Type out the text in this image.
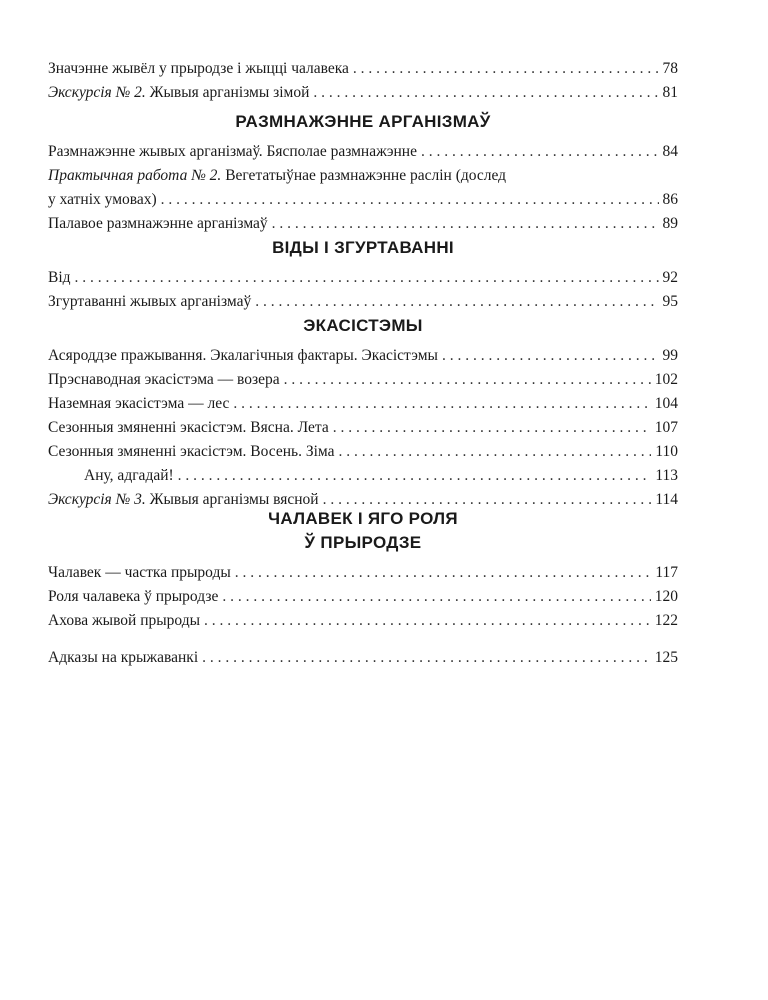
Значэнне жывёл у прыродзе і жыцці чалавека . . .	78
Экскурсія № 2. Жывыя арганізмы зімой . . .	81
РАЗМНАЖЭННЕ АРГАНІЗМАЎ
Размнажэнне жывых арганізмаў. Бясполае размнажэнне . . .	84
Практычная работа № 2. Вегетатыўнае размнажэнне раслін (дослед
у хатніх умовах) . . .	86
Палавое размнажэнне арганізмаў . . .	89
ВІДЫ І ЗГУРТАВАННІ
Від . . .	92
Згуртаванні жывых арганізмаў . . .	95
ЭКАСІСТЭМЫ
Асяроддзе пражывання. Экалагічныя фактары. Экасістэмы . . .	99
Прэснаводная экасістэма — возера . . .	102
Наземная экасістэма — лес . . .	104
Сезонныя змяненні экасістэм. Вясна. Лета . . .	107
Сезонныя змяненні экасістэм. Восень. Зіма . . .	110
Ану, адгадай! . . .	113
Экскурсія № 3. Жывыя арганізмы вясной . . .	114
ЧАЛАВЕК І ЯГО РОЛЯ
Ў ПРЫРОДЗЕ
Чалавек — частка прыроды . . .	117
Роля чалавека ў прыродзе . . .	120
Ахова жывой прыроды . . .	122
Адказы на крыжаванкі . . .	125
